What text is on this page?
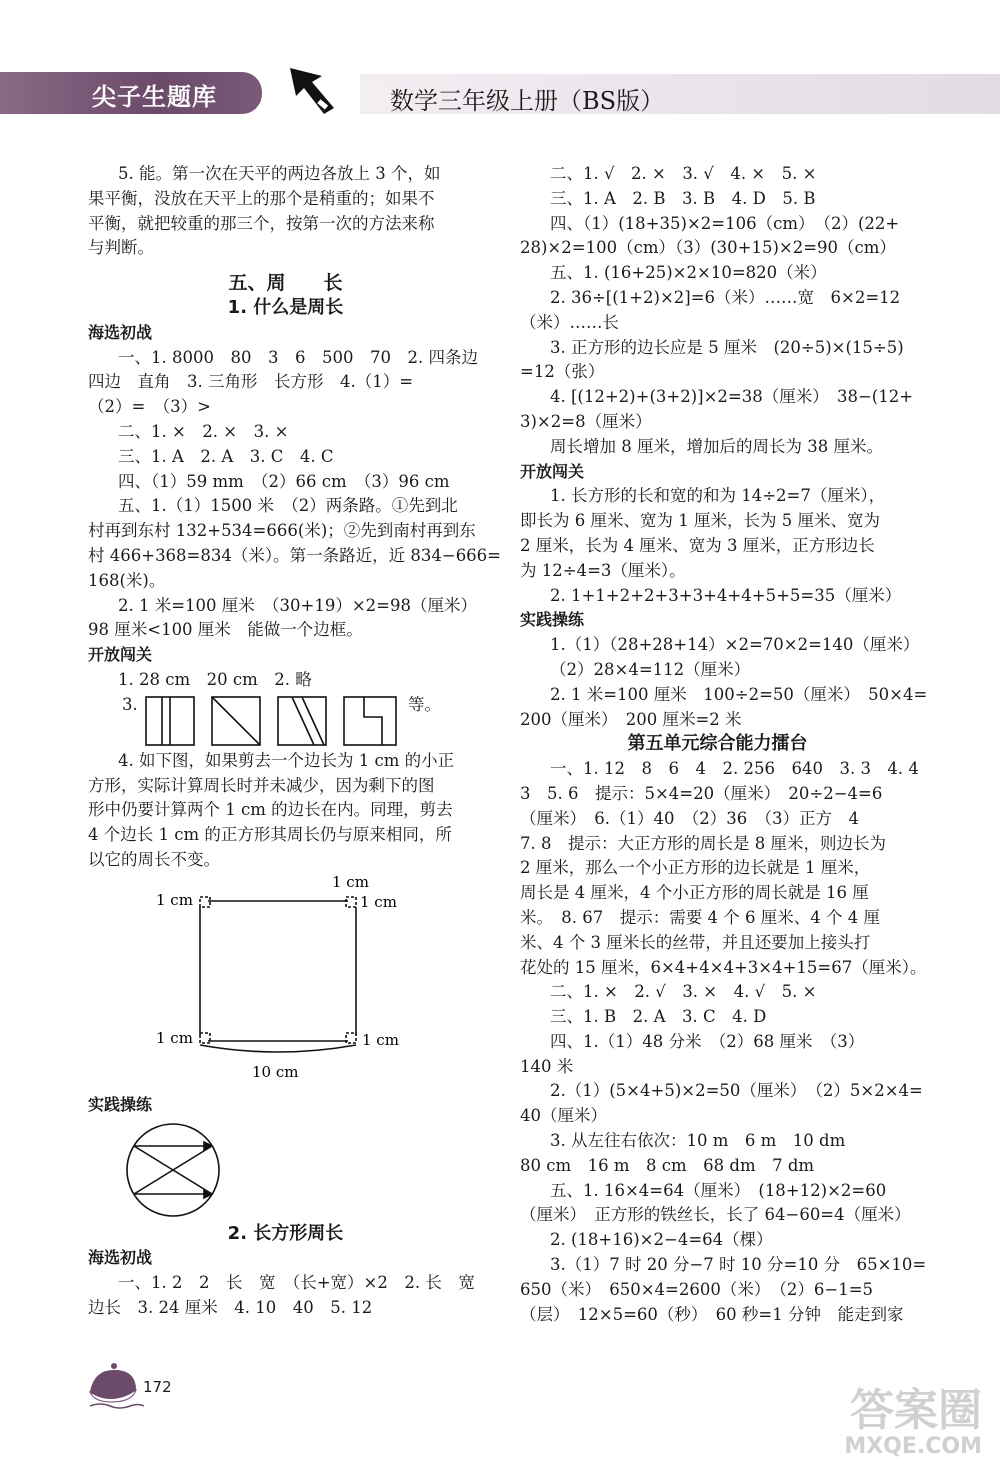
尖子生题库	数学三年级上册（BS版）
5. 能。第一次在天平的两边各放上 3 个，如
果平衡，没放在天平上的那个是稍重的；如果不
平衡，就把较重的那三个，按第一次的方法来称
与判断。
五、周　　长
1. 什么是周长
海选初战
一、1. 8000　80　3　6　500　70　2. 四条边
四边　直角　3. 三角形　长方形　4.（1）=
（2）=　（3）>
二、1. ×　2. ×　3. ×
三、1. A　2. A　3. C　4. C
四、（1）59 mm　（2）66 cm　（3）96 cm
五、1.（1）1500 米　（2）两条路。①先到北
村再到东村 132+534=666(米)；②先到南村再到东
村 466+368=834（米）。第一条路近，近 834−666=
168(米)。
2. 1 米=100 厘米　（30+19）×2=98（厘米）
98 厘米<100 厘米　能做一个边框。
开放闯关
1. 28 cm　20 cm　2. 略
3.	等。
4. 如下图，如果剪去一个边长为 1 cm 的小正
方形，实际计算周长时并未减少，因为剩下的图
形中仍要计算两个 1 cm 的边长在内。同理，剪去
4 个边长 1 cm 的正方形其周长仍与原来相同，所
以它的周长不变。
1 cm
1 cm	1 cm
1 cm	1 cm
10 cm
实践操练
2. 长方形周长
海选初战
一、1. 2　2　长　宽　（长+宽）×2　2. 长　宽
边长　3. 24 厘米　4. 10　40　5. 12
二、1. √　2. ×　3. √　4. ×　5. ×
三、1. A　2. B　3. B　4. D　5. B
四、（1）(18+35)×2=106（cm）　（2）(22+
28)×2=100（cm）（3）(30+15)×2=90（cm）
五、1. (16+25)×2×10=820（米）
2. 36÷[(1+2)×2]=6（米）……宽　6×2=12
（米）……长
3. 正方形的边长应是 5 厘米　(20÷5)×(15÷5)
=12（张）
4. [(12+2)+(3+2)]×2=38（厘米）　38−(12+
3)×2=8（厘米）
周长增加 8 厘米，增加后的周长为 38 厘米。
开放闯关
1. 长方形的长和宽的和为 14÷2=7（厘米），
即长为 6 厘米、宽为 1 厘米，长为 5 厘米、宽为
2 厘米，长为 4 厘米、宽为 3 厘米，正方形边长
为 12÷4=3（厘米）。
2. 1+1+2+2+3+3+4+4+5+5=35（厘米）
实践操练
1.（1）（28+28+14）×2=70×2=140（厘米）
（2）28×4=112（厘米）
2. 1 米=100 厘米　100÷2=50（厘米）　50×4=
200（厘米）　200 厘米=2 米
第五单元综合能力擂台
一、1. 12　8　6　4　2. 256　640　3. 3　4. 4
3　5. 6　提示：5×4=20（厘米）　20÷2−4=6
（厘米）　6.（1）40　（2）36　（3）正方　4
7. 8　提示：大正方形的周长是 8 厘米，则边长为
2 厘米，那么一个小正方形的边长就是 1 厘米，
周长是 4 厘米，4 个小正方形的周长就是 16 厘
米。　8. 67　提示：需要 4 个 6 厘米、4 个 4 厘
米、4 个 3 厘米长的丝带，并且还要加上接头打
花处的 15 厘米，6×4+4×4+3×4+15=67（厘米）。
二、1. ×　2. √　3. ×　4. √　5. ×
三、1. B　2. A　3. C　4. D
四、1.（1）48 分米　（2）68 厘米　（3）
140 米
2.（1）(5×4+5)×2=50（厘米）　（2）5×2×4=
40（厘米）
3. 从左往右依次：10 m　6 m　10 dm
80 cm　16 m　8 cm　68 dm　7 dm
五、1. 16×4=64（厘米）　(18+12)×2=60
（厘米）　正方形的铁丝长，长了 64−60=4（厘米）
2. (18+16)×2−4=64（棵）
3.（1）7 时 20 分−7 时 10 分=10 分　65×10=
650（米）　650×4=2600（米）　（2）6−1=5
（层）　12×5=60（秒）　60 秒=1 分钟　能走到家
172	答案圈
MXQE.COM
